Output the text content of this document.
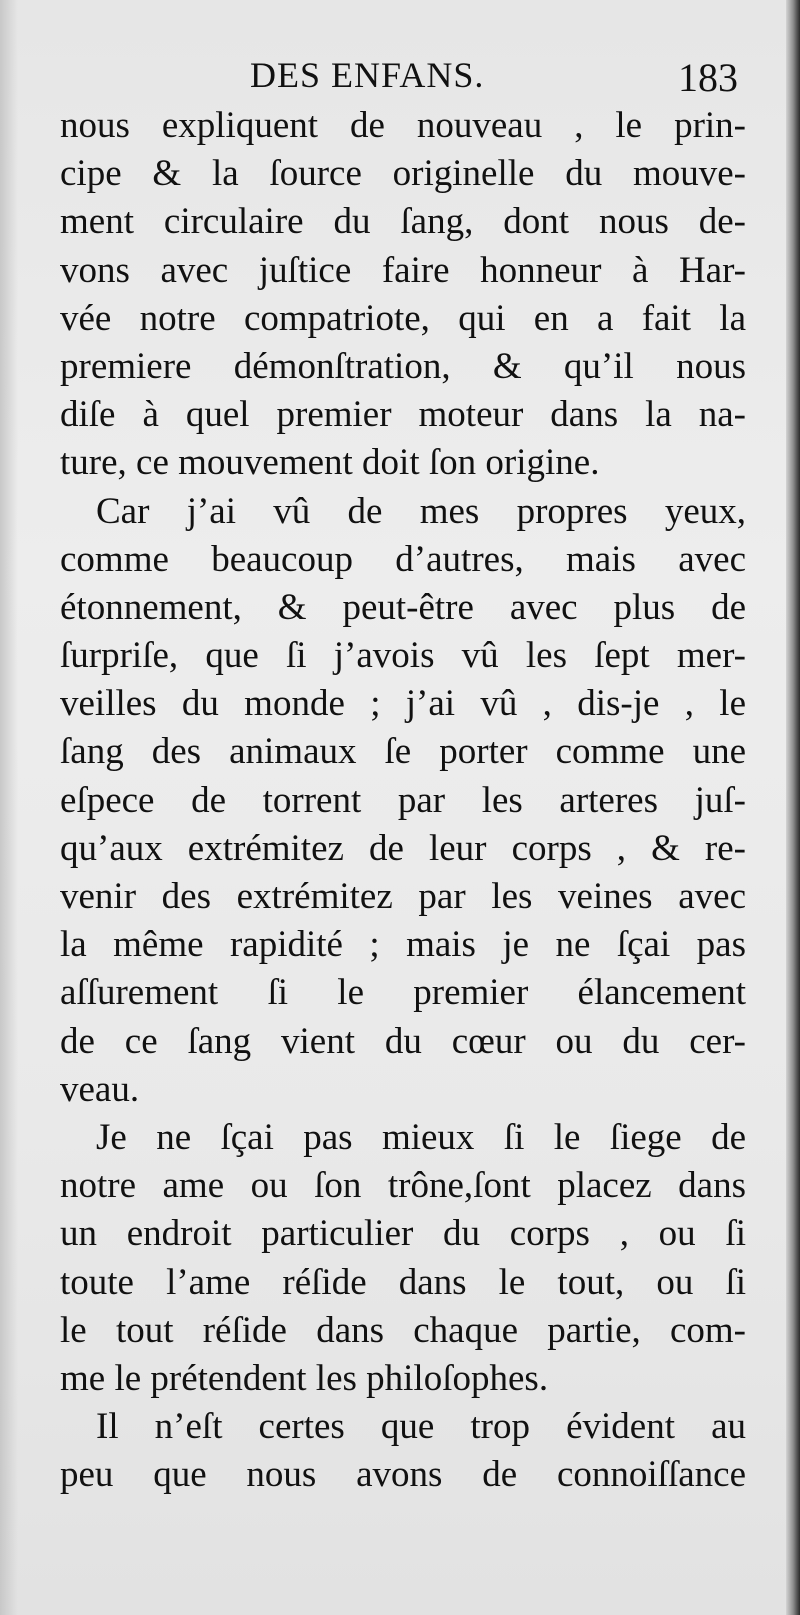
DES ENFANS.	183
nous expliquent de nouveau , le prin-
cipe & la ſource originelle du mouve-
ment circulaire du ſang, dont nous de-
vons avec juſtice faire honneur à Har-
vée notre compatriote, qui en a fait la
premiere démonſtration, & qu’il nous
diſe à quel premier moteur dans la na-
ture, ce mouvement doit ſon origine.
Car j’ai vû de mes propres yeux,
comme beaucoup d’autres, mais avec
étonnement, & peut-être avec plus de
ſurpriſe, que ſi j’avois vû les ſept mer-
veilles du monde ; j’ai vû , dis-je , le
ſang des animaux ſe porter comme une
eſpece de torrent par les arteres juſ-
qu’aux extrémitez de leur corps , & re-
venir des extrémitez par les veines avec
la même rapidité ; mais je ne ſçai pas
aſſurement ſi le premier élancement
de ce ſang vient du cœur ou du cer-
veau.
Je ne ſçai pas mieux ſi le ſiege de
notre ame ou ſon trône,ſont placez dans
un endroit particulier du corps , ou ſi
toute l’ame réſide dans le tout, ou ſi
le tout réſide dans chaque partie, com-
me le prétendent les philoſophes.
Il n’eſt certes que trop évident au
peu que nous avons de connoiſſance
